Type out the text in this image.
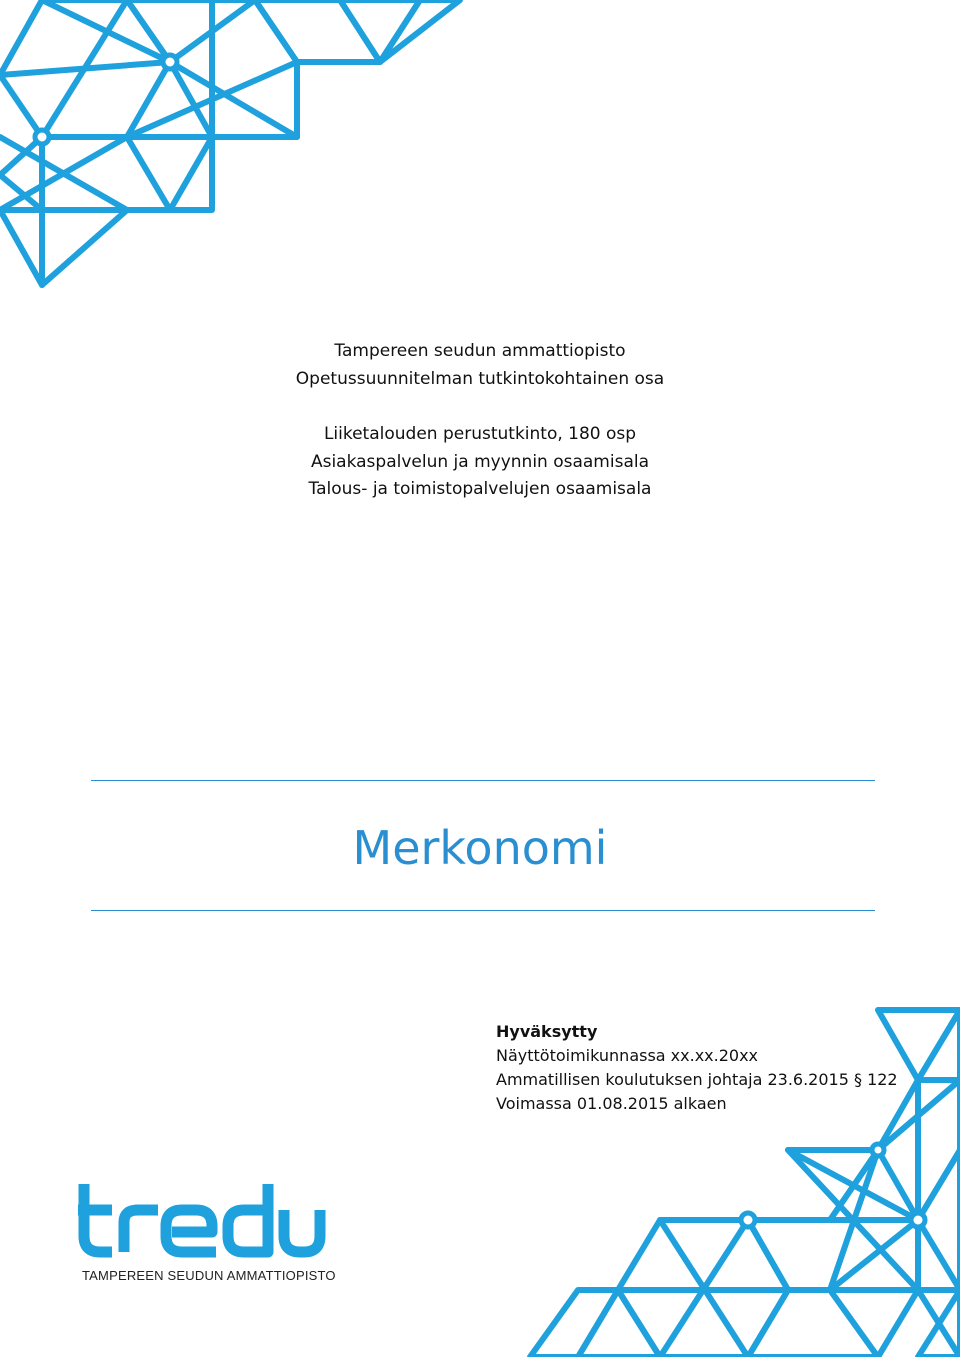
Tampereen seudun ammattiopisto
Opetussuunnitelman tutkintokohtainen osa
Liiketalouden perustutkinto, 180 osp
Asiakaspalvelun ja myynnin osaamisala
Talous- ja toimistopalvelujen osaamisala
Merkonomi
Hyväksytty
Näyttötoimikunnassa xx.xx.20xx
Ammatillisen koulutuksen johtaja 23.6.2015 § 122
Voimassa 01.08.2015 alkaen
TAMPEREEN SEUDUN AMMATTIOPISTO
